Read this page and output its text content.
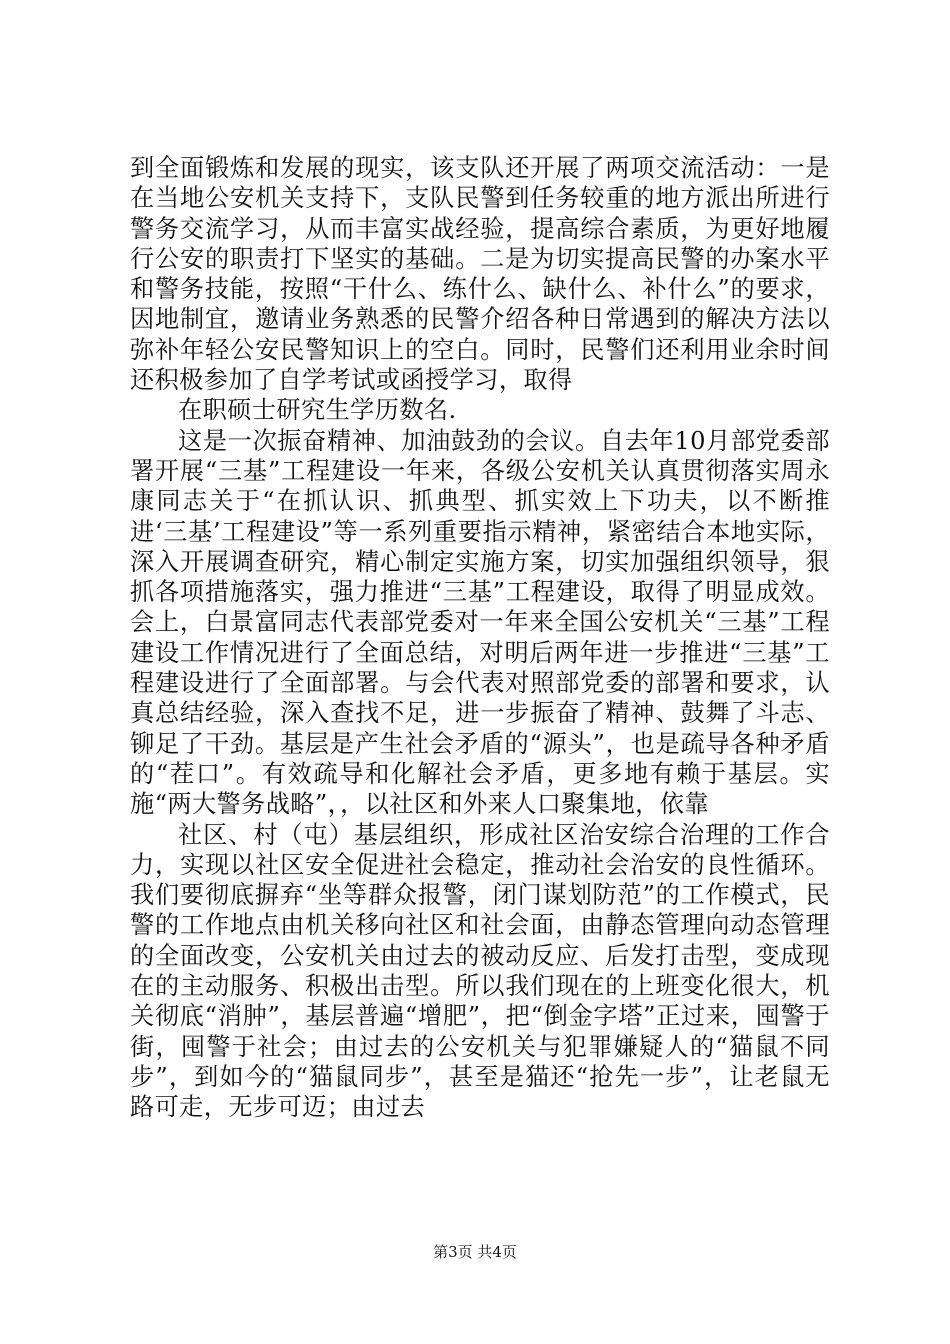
到全面锻炼和发展的现实，该支队还开展了两项交流活动：一是在当地公安机关支持下，支队民警到任务较重的地方派出所进行警务交流学习，从而丰富实战经验，提高综合素质，为更好地履行公安的职责打下坚实的基础。二是为切实提高民警的办案水平和警务技能，按照“干什么、练什么、缺什么、补什么”的要求，因地制宜，邀请业务熟悉的民警介绍各种日常遇到的解决方法以弥补年轻公安民警知识上的空白。同时，民警们还利用业余时间还积极参加了自学考试或函授学习，取得

在职硕士研究生学历数名.

这是一次振奋精神、加油鼓劲的会议。自去年10月部党委部署开展“三基”工程建设一年来，各级公安机关认真贯彻落实周永康同志关于“在抓认识、抓典型、抓实效上下功夫，以不断推进‘三基’工程建设”等一系列重要指示精神，紧密结合本地实际，深入开展调查研究，精心制定实施方案，切实加强组织领导，狠抓各项措施落实，强力推进“三基”工程建设，取得了明显成效。会上，白景富同志代表部党委对一年来全国公安机关“三基”工程建设工作情况进行了全面总结，对明后两年进一步推进“三基”工程建设进行了全面部署。与会代表对照部党委的部署和要求，认真总结经验，深入查找不足，进一步振奋了精神、鼓舞了斗志、铆足了干劲。基层是产生社会矛盾的“源头”，也是疏导各种矛盾的“茬口”。有效疏导和化解社会矛盾，更多地有赖于基层。实施“两大警务战略”，，以社区和外来人口聚集地，依靠

社区、村（屯）基层组织，形成社区治安综合治理的工作合力，实现以社区安全促进社会稳定，推动社会治安的良性循环。我们要彻底摒弃“坐等群众报警，闭门谋划防范”的工作模式，民警的工作地点由机关移向社区和社会面，由静态管理向动态管理的全面改变，公安机关由过去的被动反应、后发打击型，变成现在的主动服务、积极出击型。所以我们现在的上班变化很大，机关彻底“消肿”，基层普遍“增肥”，把“倒金字塔”正过来，囤警于街，囤警于社会；由过去的公安机关与犯罪嫌疑人的“猫鼠不同步”，到如今的“猫鼠同步”，甚至是猫还“抢先一步”，让老鼠无路可走，无步可迈；由过去

第3页 共4页
